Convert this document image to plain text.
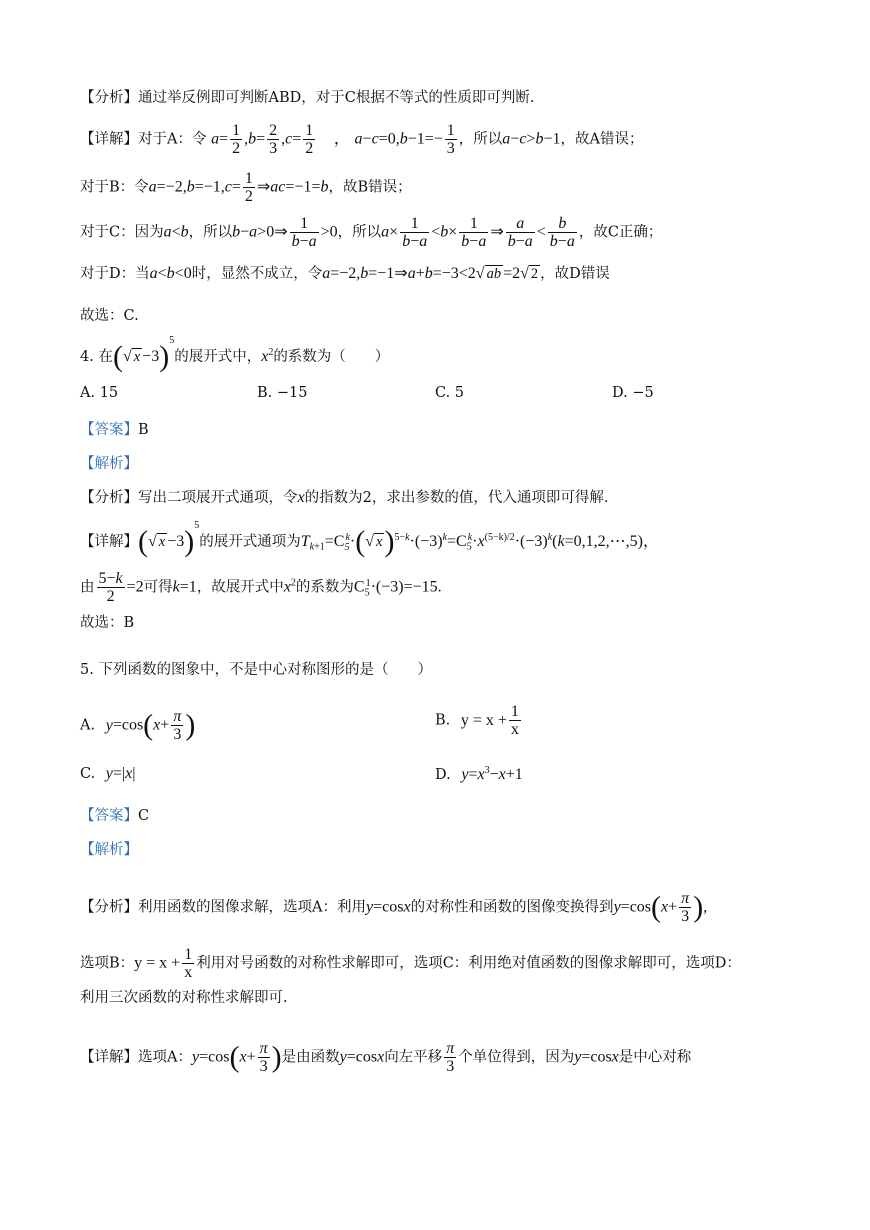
【分析】通过举反例即可判断ABD，对于C根据不等式的性质即可判断.
【详解】对于A：令 $a= \frac{1}{2} ,b= \frac{2}{3} ,c= \frac{1}{2}$ ， $a-c=0,b-1=- \frac{1}{3}$ ，所以a−c>b−1，故A错误；
对于B：令$a=-2,b=-1,c= \frac{1}{2}$ ⇒ac=−1=b，故B错误；
对于C：因为a<b，所以b−a>0⇒ $\frac{1}{b-a} >0$，所以$a\times \frac{1}{b-a} <b\times \frac{1}{b-a}$ ⇒ $\frac{a}{b-a} < \frac{b}{b-a}$ ，故C正确；
对于D：当a<b<0时，显然不成立，令a=−2,b=−1⇒a+b=−3<2√ ab =2√ 2 ，故D错误
故选：C.
4. 在(√ x −3)$^5$的展开式中，$x^2$的系数为（　　）
A. 15	B. −15	C. 5	D. −5
【答案】B
【解析】
【分析】写出二项展开式通项，令x的指数为2，求出参数的值，代入通项即可得解.
【详解】(√ x −3)$^5$的展开式通项为$T_{k+1}=C_5^k\cdot(√$ $x)^{5-k}\cdot(-3)^k=C_5^k\cdot x^{(5-k)/2}\cdot(-3)^k(k=0,1,2,\cdots,5)$，
由 $\frac{5-k}{2} =2$可得k=1，故展开式中$x^2$的系数为$C_5^1\cdot(-3)=-15$.
故选：B
5. 下列函数的图象中，不是中心对称图形的是（　　）
A. $y=\cos(x+ \frac{\pi}{3}$ )	B. $y = x + \frac{1}{x}$
C. y=|x|	D. $y=x^3-x+1$
【答案】C
【解析】
【分析】利用函数的图像求解，选项A：利用y=cosx的对称性和函数的图像变换得到$y=\cos(x+ \frac{\pi}{3}$ ),
选项B：$y = x + \frac{1}{x}$ 利用对号函数的对称性求解即可，选项C：利用绝对值函数的图像求解即可，选项D：
利用三次函数的对称性求解即可.
【详解】选项A：$y=\cos(x+ \frac{\pi}{3}$ )是由函数y=cosx向左平移 $\frac{\pi}{3}$ 个单位得到，因为y=cosx是中心对称
